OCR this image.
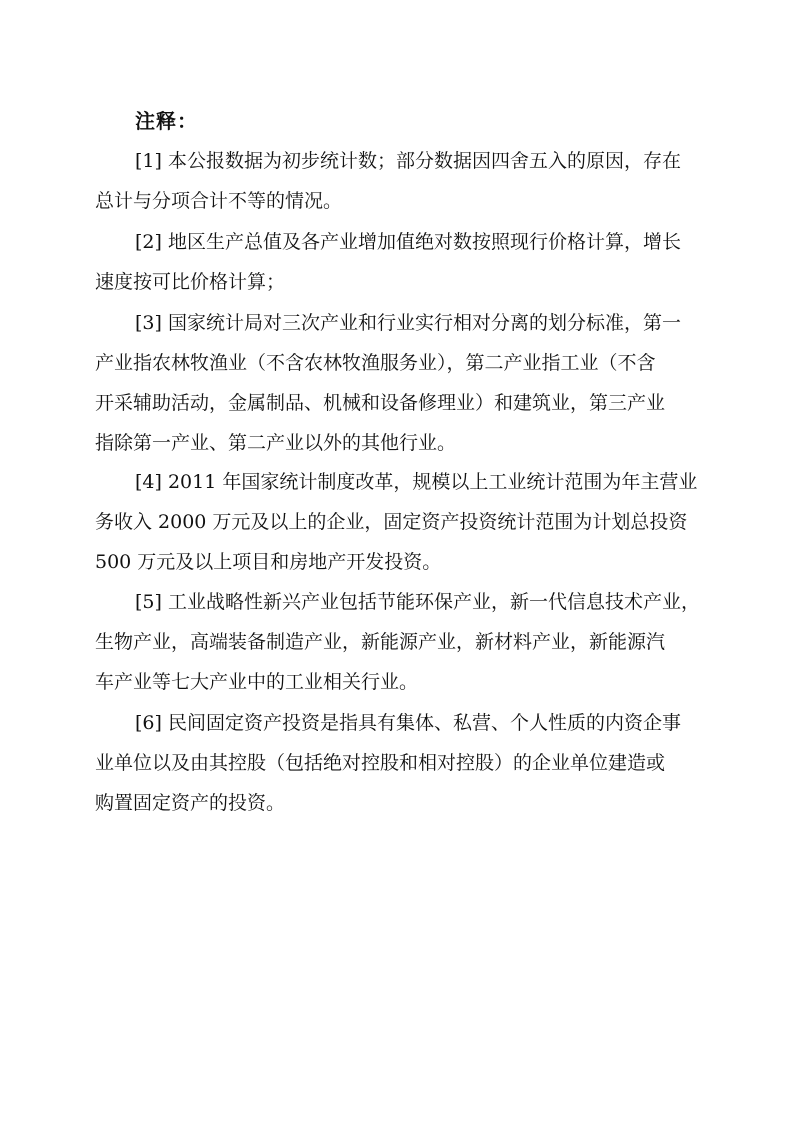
注释：
[1] 本公报数据为初步统计数；部分数据因四舍五入的原因，存在
总计与分项合计不等的情况。
[2] 地区生产总值及各产业增加值绝对数按照现行价格计算，增长
速度按可比价格计算；
[3] 国家统计局对三次产业和行业实行相对分离的划分标准，第一
产业指农林牧渔业（不含农林牧渔服务业），第二产业指工业（不含
开采辅助活动，金属制品、机械和设备修理业）和建筑业，第三产业
指除第一产业、第二产业以外的其他行业。
[4] 2011 年国家统计制度改革，规模以上工业统计范围为年主营业
务收入 2000 万元及以上的企业，固定资产投资统计范围为计划总投资
500 万元及以上项目和房地产开发投资。
[5] 工业战略性新兴产业包括节能环保产业，新一代信息技术产业，
生物产业，高端装备制造产业，新能源产业，新材料产业，新能源汽
车产业等七大产业中的工业相关行业。
[6] 民间固定资产投资是指具有集体、私营、个人性质的内资企事
业单位以及由其控股（包括绝对控股和相对控股）的企业单位建造或
购置固定资产的投资。
